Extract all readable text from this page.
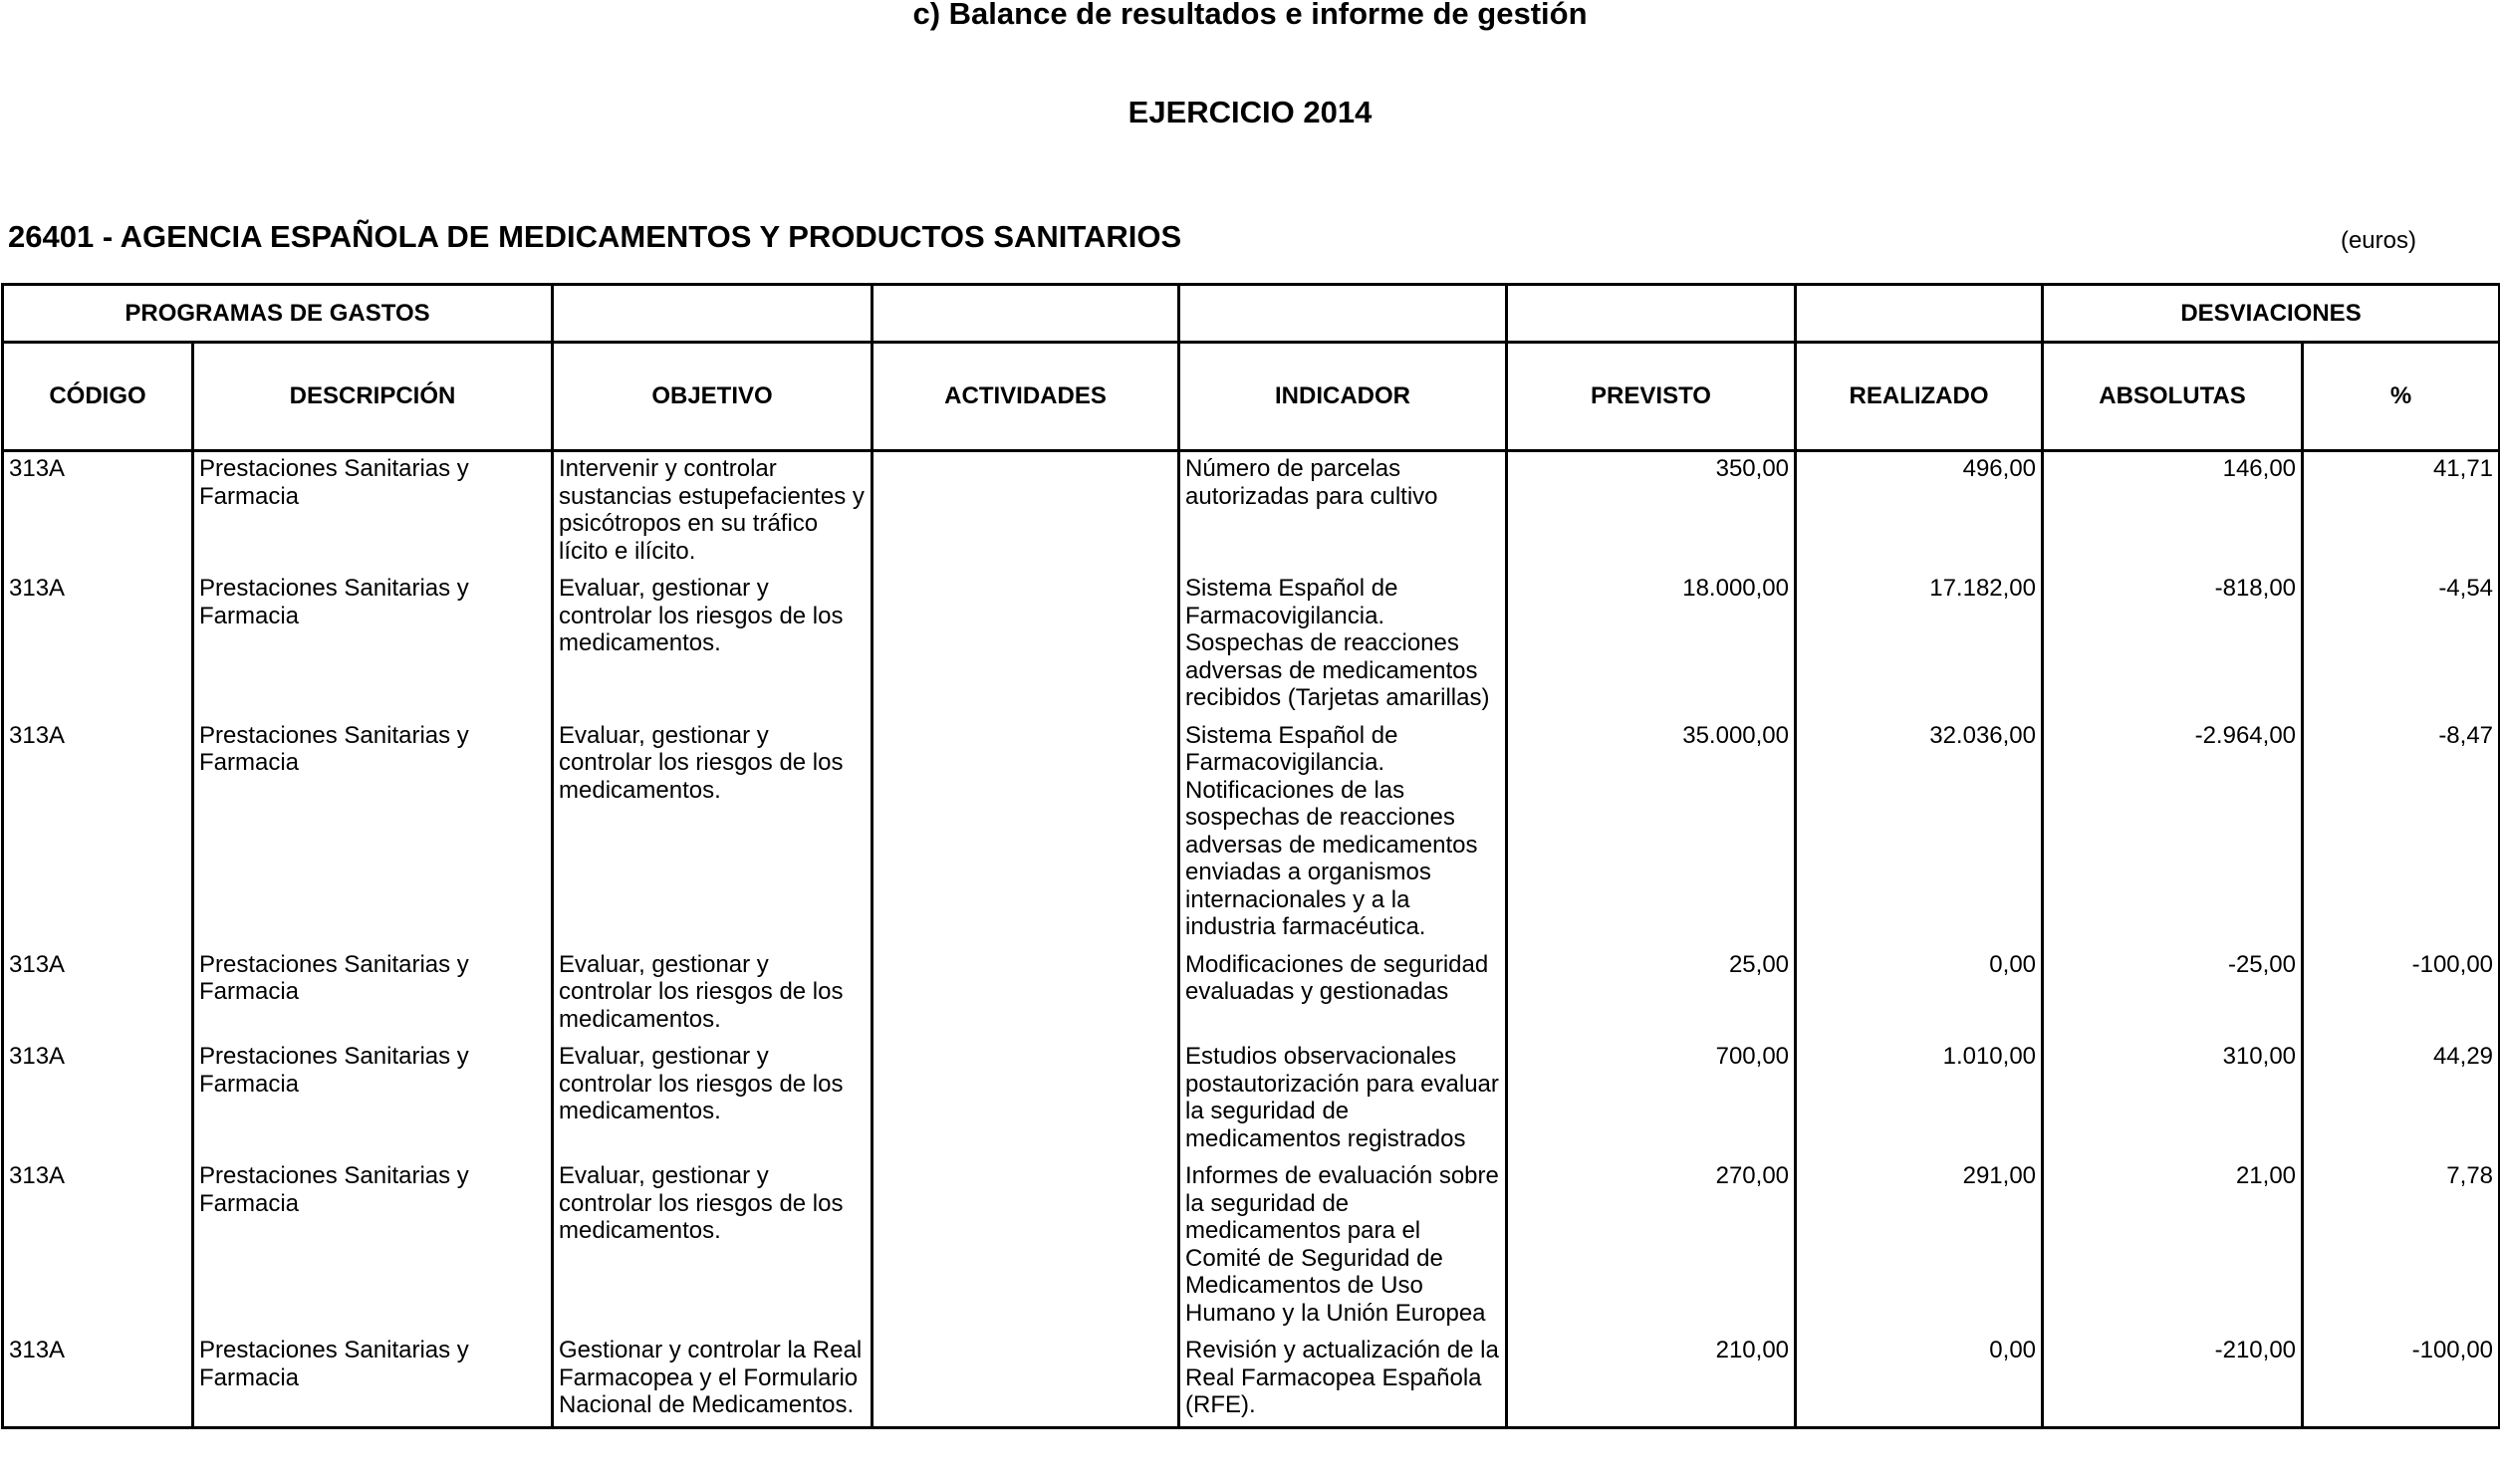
c) Balance de resultados e informe de gestión
EJERCICIO 2014
26401 - AGENCIA ESPAÑOLA DE MEDICAMENTOS Y PRODUCTOS SANITARIOS	(euros)
PROGRAMAS DE GASTOS							DESVIACIONES	
CÓDIGO	DESCRIPCIÓN	OBJETIVO	ACTIVIDADES	INDICADOR	PREVISTO	REALIZADO	ABSOLUTAS	%
313A	Prestaciones Sanitarias y Farmacia	Intervenir y controlar sustancias estupefacientes y psicótropos en su tráfico lícito e ilícito.		Número de parcelas autorizadas para cultivo	350,00	496,00	146,00	41,71
313A	Prestaciones Sanitarias y Farmacia	Evaluar, gestionar y controlar los riesgos de los medicamentos.		Sistema Español de Farmacovigilancia. Sospechas de reacciones adversas de medicamentos recibidos (Tarjetas amarillas)	18.000,00	17.182,00	-818,00	-4,54
313A	Prestaciones Sanitarias y Farmacia	Evaluar, gestionar y controlar los riesgos de los medicamentos.		Sistema Español de Farmacovigilancia. Notificaciones de las sospechas de reacciones adversas de medicamentos enviadas a organismos internacionales y a la industria farmacéutica.	35.000,00	32.036,00	-2.964,00	-8,47
313A	Prestaciones Sanitarias y Farmacia	Evaluar, gestionar y controlar los riesgos de los medicamentos.		Modificaciones de seguridad evaluadas y gestionadas	25,00	0,00	-25,00	-100,00
313A	Prestaciones Sanitarias y Farmacia	Evaluar, gestionar y controlar los riesgos de los medicamentos.		Estudios observacionales postautorización para evaluar la seguridad de medicamentos registrados	700,00	1.010,00	310,00	44,29
313A	Prestaciones Sanitarias y Farmacia	Evaluar, gestionar y controlar los riesgos de los medicamentos.		Informes de evaluación sobre la seguridad de medicamentos para el Comité de Seguridad de Medicamentos de Uso Humano y la Unión Europea	270,00	291,00	21,00	7,78
313A	Prestaciones Sanitarias y Farmacia	Gestionar y controlar la Real Farmacopea y el Formulario Nacional de Medicamentos.		Revisión y actualización de la Real Farmacopea Española (RFE).	210,00	0,00	-210,00	-100,00
